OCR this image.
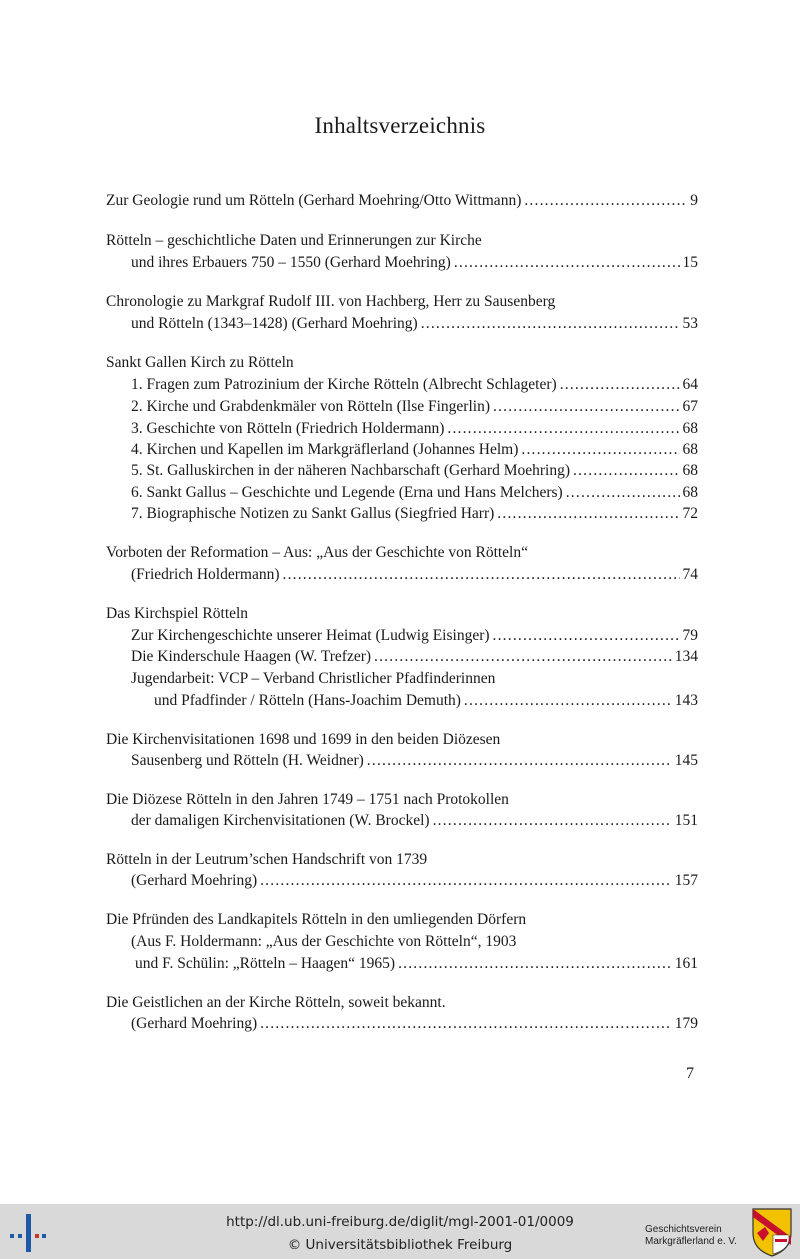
Inhaltsverzeichnis
Zur Geologie rund um Rötteln (Gerhard Moehring/Otto Wittmann) .....	9
Rötteln – geschichtliche Daten und Erinnerungen zur Kirche
und ihres Erbauers 750 – 1550 (Gerhard Moehring) .....	15
Chronologie zu Markgraf Rudolf III. von Hachberg, Herr zu Sausenberg
und Rötteln (1343–1428) (Gerhard Moehring) .....	53
Sankt Gallen Kirch zu Rötteln
1. Fragen zum Patrozinium der Kirche Rötteln (Albrecht Schlageter) .....	64
2. Kirche und Grabdenkmäler von Rötteln (Ilse Fingerlin) .....	67
3. Geschichte von Rötteln (Friedrich Holdermann) .....	68
4. Kirchen und Kapellen im Markgräflerland (Johannes Helm) .....	68
5. St. Galluskirchen in der näheren Nachbarschaft (Gerhard Moehring) .....	68
6. Sankt Gallus – Geschichte und Legende (Erna und Hans Melchers) .....	68
7. Biographische Notizen zu Sankt Gallus (Siegfried Harr) .....	72
Vorboten der Reformation – Aus: „Aus der Geschichte von Rötteln“
(Friedrich Holdermann) .....	74
Das Kirchspiel Rötteln
Zur Kirchengeschichte unserer Heimat (Ludwig Eisinger) .....	79
Die Kinderschule Haagen (W. Trefzer) .....	134
Jugendarbeit: VCP – Verband Christlicher Pfadfinderinnen
und Pfadfinder / Rötteln (Hans-Joachim Demuth) .....	143
Die Kirchenvisitationen 1698 und 1699 in den beiden Diözesen
Sausenberg und Rötteln (H. Weidner) .....	145
Die Diözese Rötteln in den Jahren 1749 – 1751 nach Protokollen
der damaligen Kirchenvisitationen (W. Brockel) .....	151
Rötteln in der Leutrum’schen Handschrift von 1739
(Gerhard Moehring) .....	157
Die Pfründen des Landkapitels Rötteln in den umliegenden Dörfern
(Aus F. Holdermann: „Aus der Geschichte von Rötteln“, 1903
und F. Schülin: „Rötteln – Haagen“ 1965) .....	161
Die Geistlichen an der Kirche Rötteln, soweit bekannt.
(Gerhard Moehring) .....	179
7
http://dl.ub.uni-freiburg.de/diglit/mgl-2001-01/0009
© Universitätsbibliothek Freiburg
Geschichtsverein
Markgräflerland e. V.
